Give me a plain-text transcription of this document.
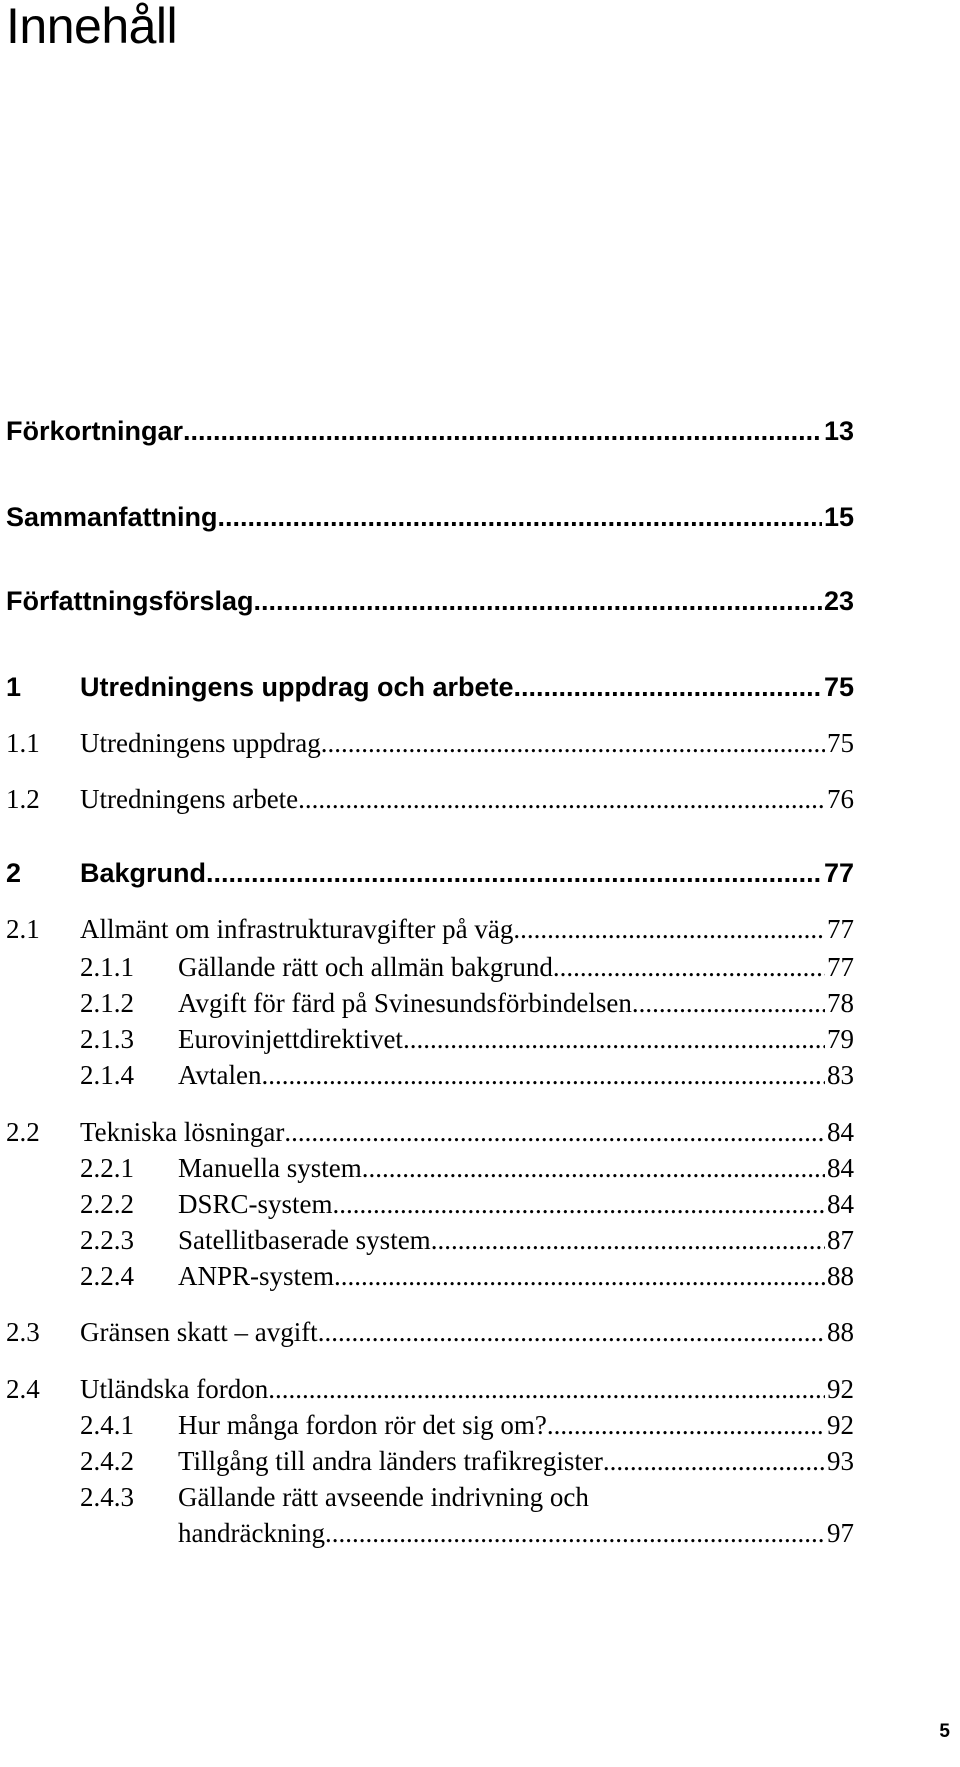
Innehåll
Förkortningar .....	13
Sammanfattning .....	15
Författningsförslag .....	23
1	Utredningens uppdrag och arbete .....	75
1.1	Utredningens uppdrag .....	75
1.2	Utredningens arbete .....	76
2	Bakgrund .....	77
2.1	Allmänt om infrastrukturavgifter på väg .....	77
2.1.1	Gällande rätt och allmän bakgrund .....	77
2.1.2	Avgift för färd på Svinesundsförbindelsen .....	78
2.1.3	Eurovinjettdirektivet .....	79
2.1.4	Avtalen .....	83
2.2	Tekniska lösningar .....	84
2.2.1	Manuella system .....	84
2.2.2	DSRC-system .....	84
2.2.3	Satellitbaserade system .....	87
2.2.4	ANPR-system .....	88
2.3	Gränsen skatt – avgift .....	88
2.4	Utländska fordon .....	92
2.4.1	Hur många fordon rör det sig om? .....	92
2.4.2	Tillgång till andra länders trafikregister .....	93
2.4.3	Gällande rätt avseende indrivning och
handräckning .....	97
5
